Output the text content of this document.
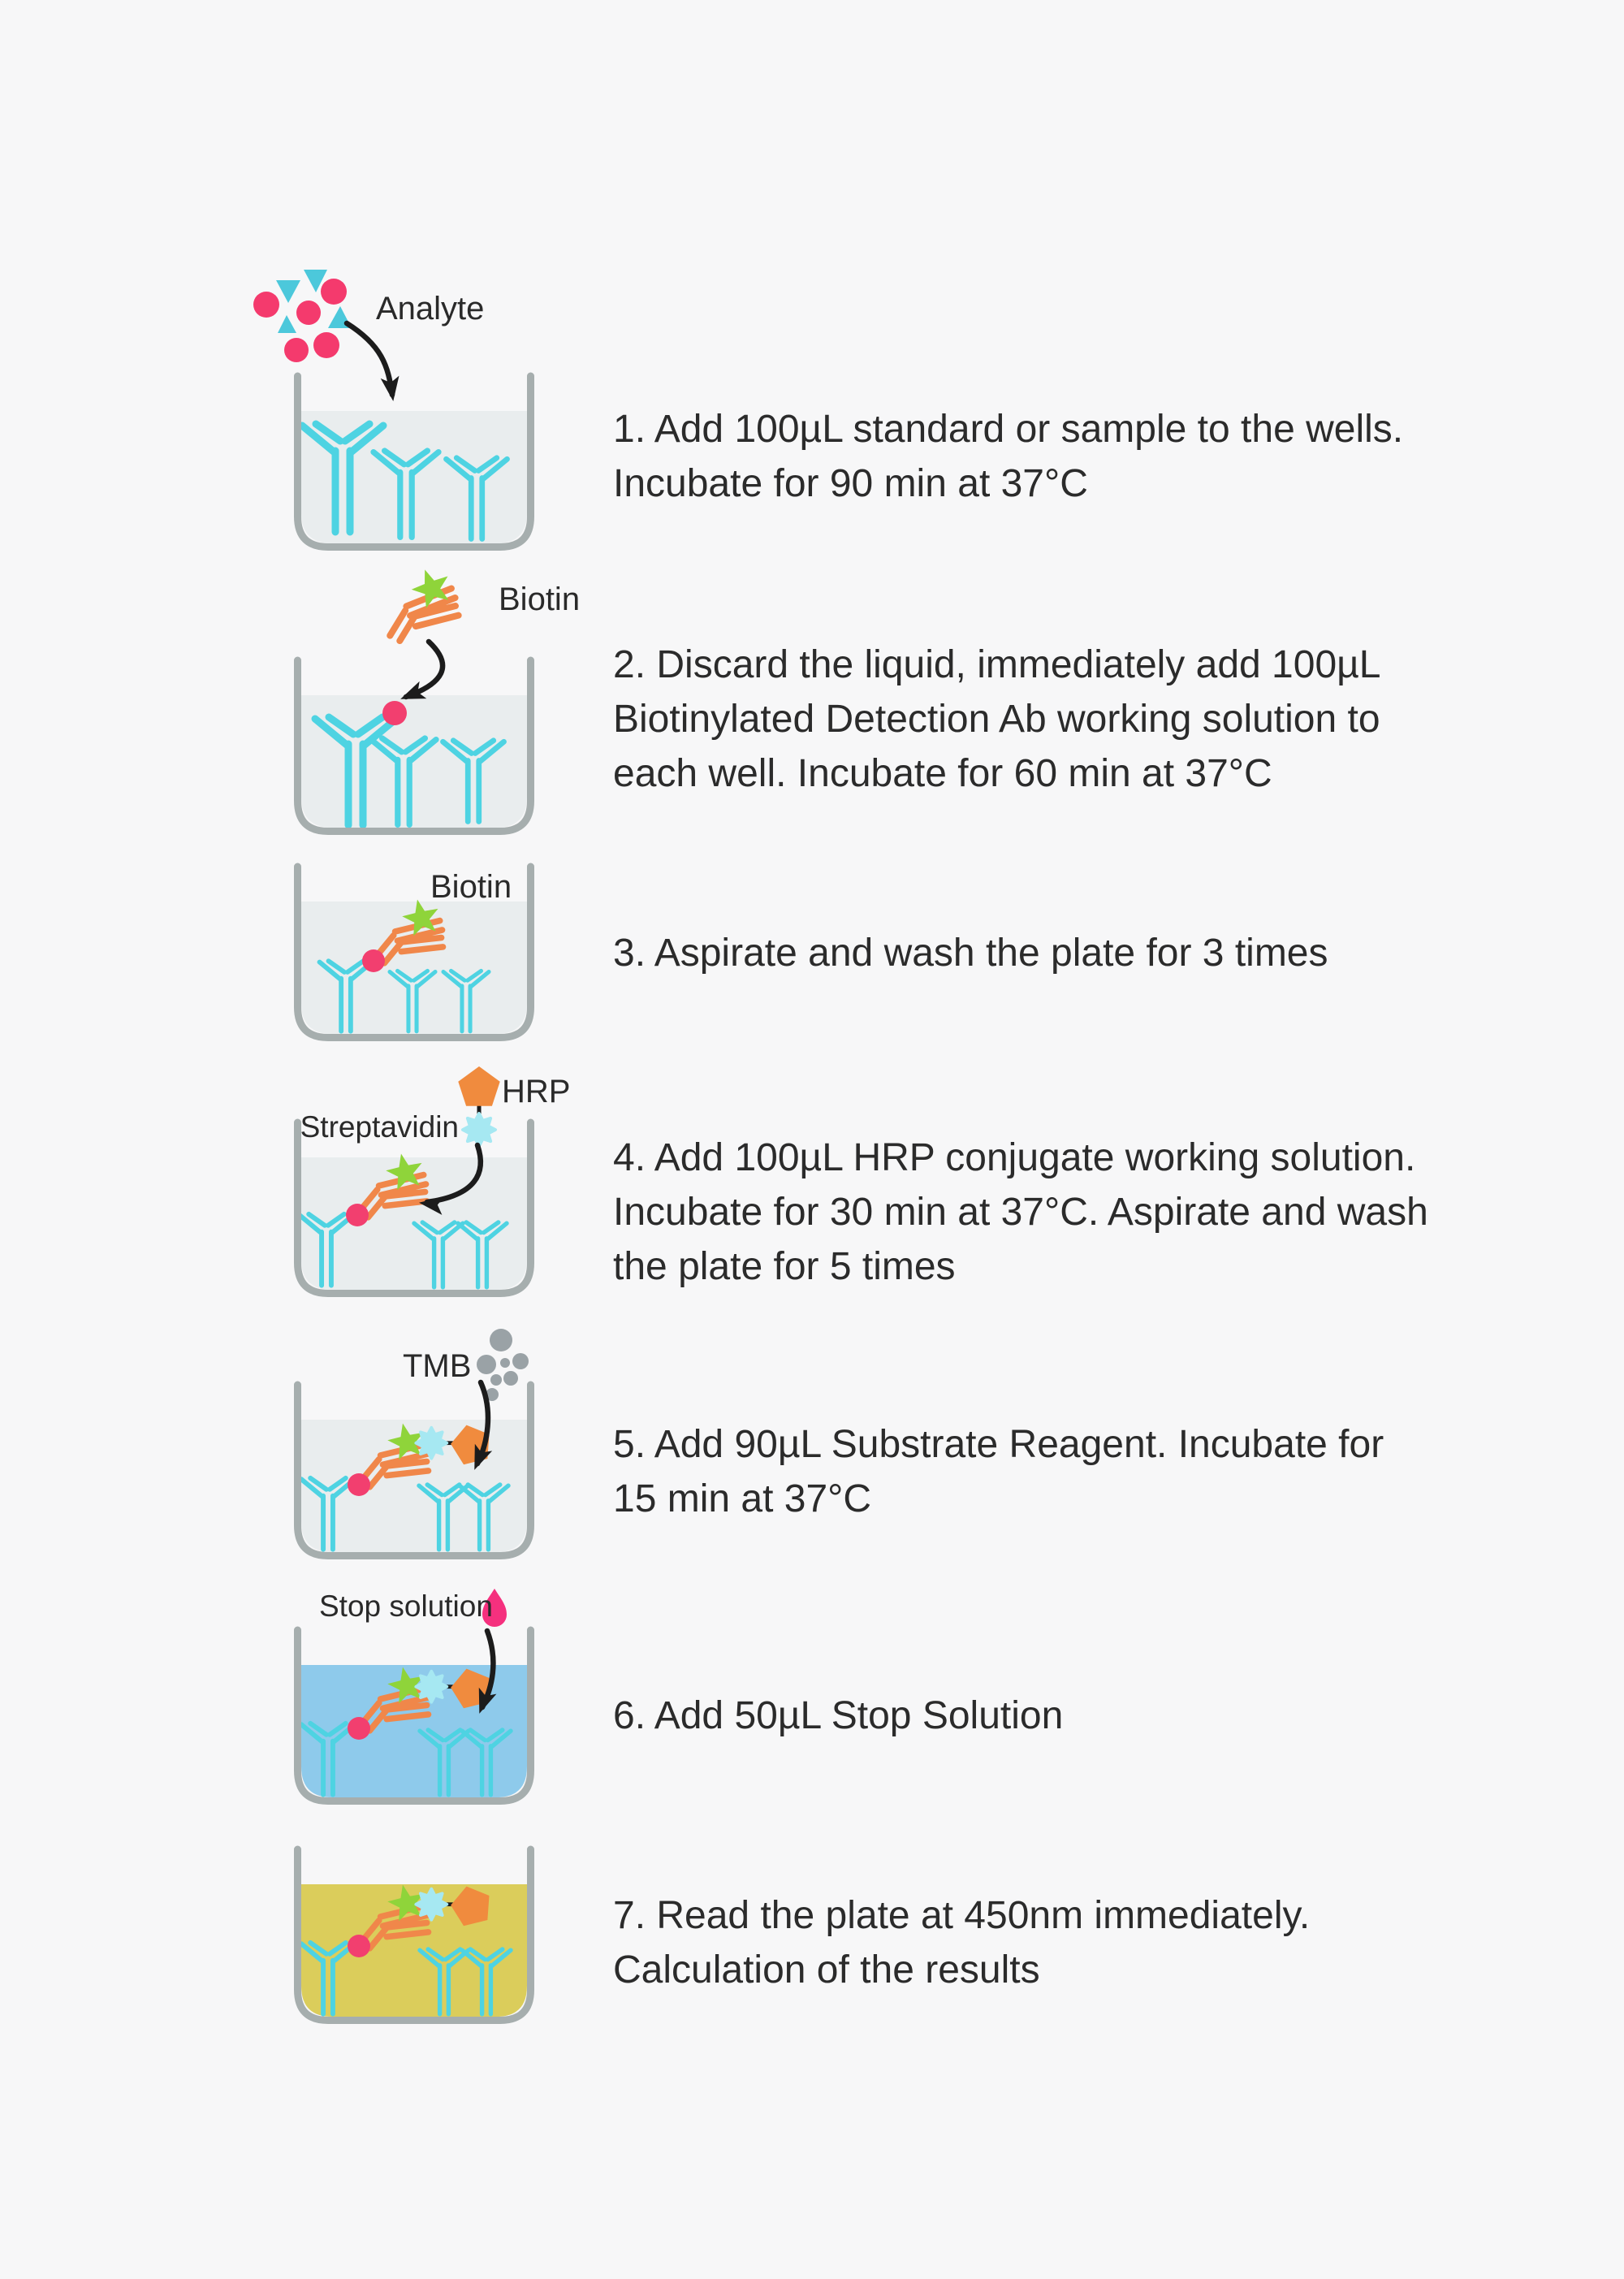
Analyte
Biotin
Biotin
Streptavidin
HRP
TMB
Stop solution
1. Add 100µL standard or sample to the wells.
Incubate for 90 min at 37°C
2. Discard the liquid, immediately add 100µL
Biotinylated Detection Ab working solution to
each well. Incubate for 60 min at 37°C
3. Aspirate and wash the plate for 3 times
4. Add 100µL HRP conjugate working solution.
Incubate for 30 min at 37°C. Aspirate and wash
the plate for 5 times
5. Add 90µL Substrate Reagent. Incubate for
15 min at 37°C
6. Add 50µL Stop Solution
7. Read the plate at 450nm immediately.
Calculation of the results
